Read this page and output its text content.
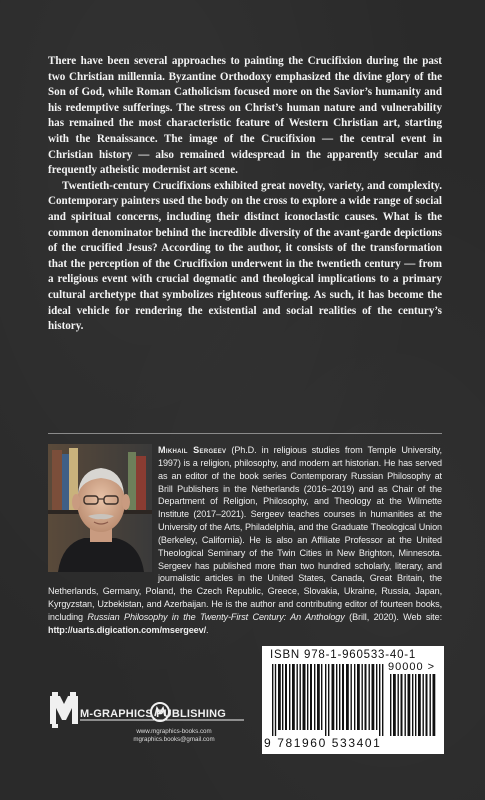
There have been several approaches to painting the Crucifixion during the past two Christian millennia. Byzantine Orthodoxy emphasized the divine glory of the Son of God, while Roman Catholicism focused more on the Savior’s humanity and his redemptive sufferings. The stress on Christ’s human nature and vulnerability has remained the most characteristic feature of Western Christian art, starting with the Renaissance. The image of the Crucifixion — the central event in Christian history — also remained widespread in the apparently secular and frequently atheistic modernist art scene.

Twentieth-century Crucifixions exhibited great novelty, variety, and complexity. Contemporary painters used the body on the cross to explore a wide range of social and spiritual concerns, including their distinct iconoclastic causes. What is the common denominator behind the incredible diversity of the avant-garde depictions of the crucified Jesus? According to the author, it consists of the transformation that the perception of the Crucifixion underwent in the twentieth century — from a religious event with crucial dogmatic and theological implications to a primary cultural archetype that symbolizes righteous suffering. As such, it has become the ideal vehicle for rendering the existential and social realities of the century’s history.

Mikhail Sergeev (Ph.D. in religious studies from Temple University, 1997) is a religion, philosophy, and modern art historian. He has served as an editor of the book series Contemporary Russian Philosophy at Brill Publishers in the Netherlands (2016–2019) and as Chair of the Department of Religion, Philosophy, and Theology at the Wilmette Institute (2017–2021). Sergeev teaches courses in humanities at the University of the Arts, Philadelphia, and the Graduate Theological Union (Berkeley, California). He is also an Affiliate Professor at the United Theological Seminary of the Twin Cities in New Brighton, Minnesota. Sergeev has published more than two hundred scholarly, literary, and journalistic articles in the United States, Canada, Great Britain, the Netherlands, Germany, Poland, the Czech Republic, Greece, Slovakia, Ukraine, Russia, Japan, Kyrgyzstan, Uzbekistan, and Azerbaijan. He is the author and contributing editor of fourteen books, including Russian Philosophy in the Twenty-First Century: An Anthology (Brill, 2020). Web site: http://uarts.digication.com/msergeev/.
M-GRAPHICS PUBLISHING
www.mgraphics-books.com
mgraphics.books@gmail.com
ISBN 978-1-960533-40-1
90000 >
9 781960 533401
